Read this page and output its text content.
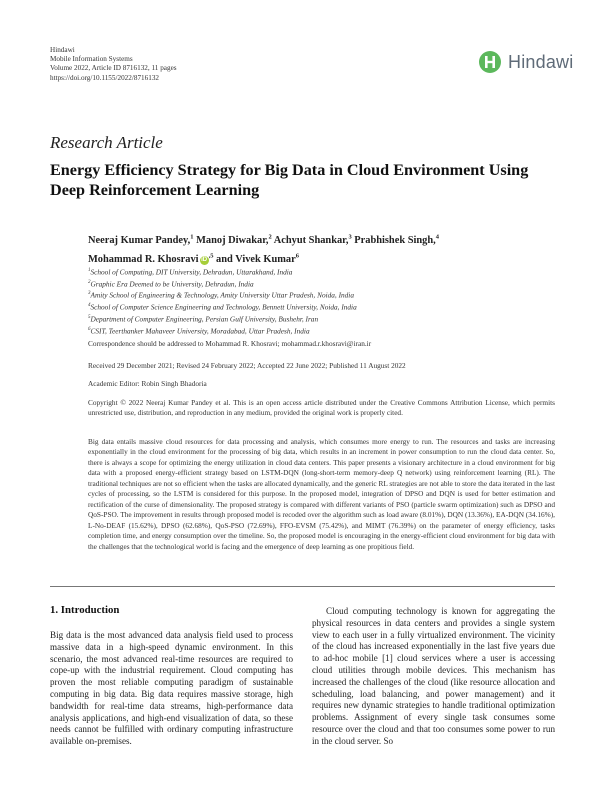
Hindawi
Mobile Information Systems
Volume 2022, Article ID 8716132, 11 pages
https://doi.org/10.1155/2022/8716132
Hindawi
Research Article
Energy Efficiency Strategy for Big Data in Cloud Environment Using Deep Reinforcement Learning
Neeraj Kumar Pandey,$^1$ Manoj Diwakar,$^2$ Achyut Shankar,$^3$ Prabhishek Singh,$^4$
Mohammad R. Khosravi $iD^{,5}$ and Vivek Kumar$^6$
$^1$School of Computing, DIT University, Dehradun, Uttarakhand, India
$^2$Graphic Era Deemed to be University, Dehradun, India
$^3$Amity School of Engineering & Technology, Amity University Uttar Pradesh, Noida, India
$^4$School of Computer Science Engineering and Technology, Bennett University, Noida, India
$^5$Department of Computer Engineering, Persian Gulf University, Bushehr, Iran
$^6$CSIT, Teerthanker Mahaveer University, Moradabad, Uttar Pradesh, India
Correspondence should be addressed to Mohammad R. Khosravi; mohammad.r.khosravi@iran.ir
Received 29 December 2021; Revised 24 February 2022; Accepted 22 June 2022; Published 11 August 2022
Academic Editor: Robin Singh Bhadoria
Copyright © 2022 Neeraj Kumar Pandey et al. This is an open access article distributed under the Creative Commons Attribution License, which permits unrestricted use, distribution, and reproduction in any medium, provided the original work is properly cited.
Big data entails massive cloud resources for data processing and analysis, which consumes more energy to run. The resources and tasks are increasing exponentially in the cloud environment for the processing of big data, which results in an increment in power consumption to run the cloud data center. So, there is always a scope for optimizing the energy utilization in cloud data centers. This paper presents a visionary architecture in a cloud environment for big data with a proposed energy-efficient strategy based on LSTM-DQN (long-short-term memory-deep Q network) using reinforcement learning (RL). The traditional techniques are not so efficient when the tasks are allocated dynamically, and the generic RL strategies are not able to store the data iterated in the last cycles of processing, so the LSTM is considered for this purpose. In the proposed model, integration of DPSO and DQN is used for better estimation and rectification of the curse of dimensionality. The proposed strategy is compared with different variants of PSO (particle swarm optimization) such as DPSO and QoS-PSO. The improvement in results through proposed model is recoded over the algorithm such as load aware (8.01%), DQN (13.36%), EA-DQN (34.16%), L-No-DEAF (15.62%), DPSO (62.68%), QoS-PSO (72.69%), FFO-EVSM (75.42%), and MIMT (76.39%) on the parameter of energy efficiency, tasks completion time, and energy consumption over the timeline. So, the proposed model is encouraging in the energy-efficient cloud environment for big data with the challenges that the technological world is facing and the emergence of deep learning as one propitious field.
1. Introduction
Big data is the most advanced data analysis field used to process massive data in a high-speed dynamic environment. In this scenario, the most advanced real-time resources are required to cope-up with the industrial requirement. Cloud computing has proven the most reliable computing paradigm of sustainable computing in big data. Big data requires massive storage, high bandwidth for real-time data streams, high-performance data analysis applications, and high-end visualization of data, so these needs cannot be fulfilled with ordinary computing infrastructure available on-premises.
Cloud computing technology is known for aggregating the physical resources in data centers and provides a single system view to each user in a fully virtualized environment. The vicinity of the cloud has increased exponentially in the last five years due to ad-hoc mobile [1] cloud services where a user is accessing cloud utilities through mobile devices. This mechanism has increased the challenges of the cloud (like resource allocation and scheduling, load balancing, and power management) and it requires new dynamic strategies to handle traditional optimization problems. Assignment of every single task consumes some resource over the cloud and that too consumes some power to run in the cloud server. So
